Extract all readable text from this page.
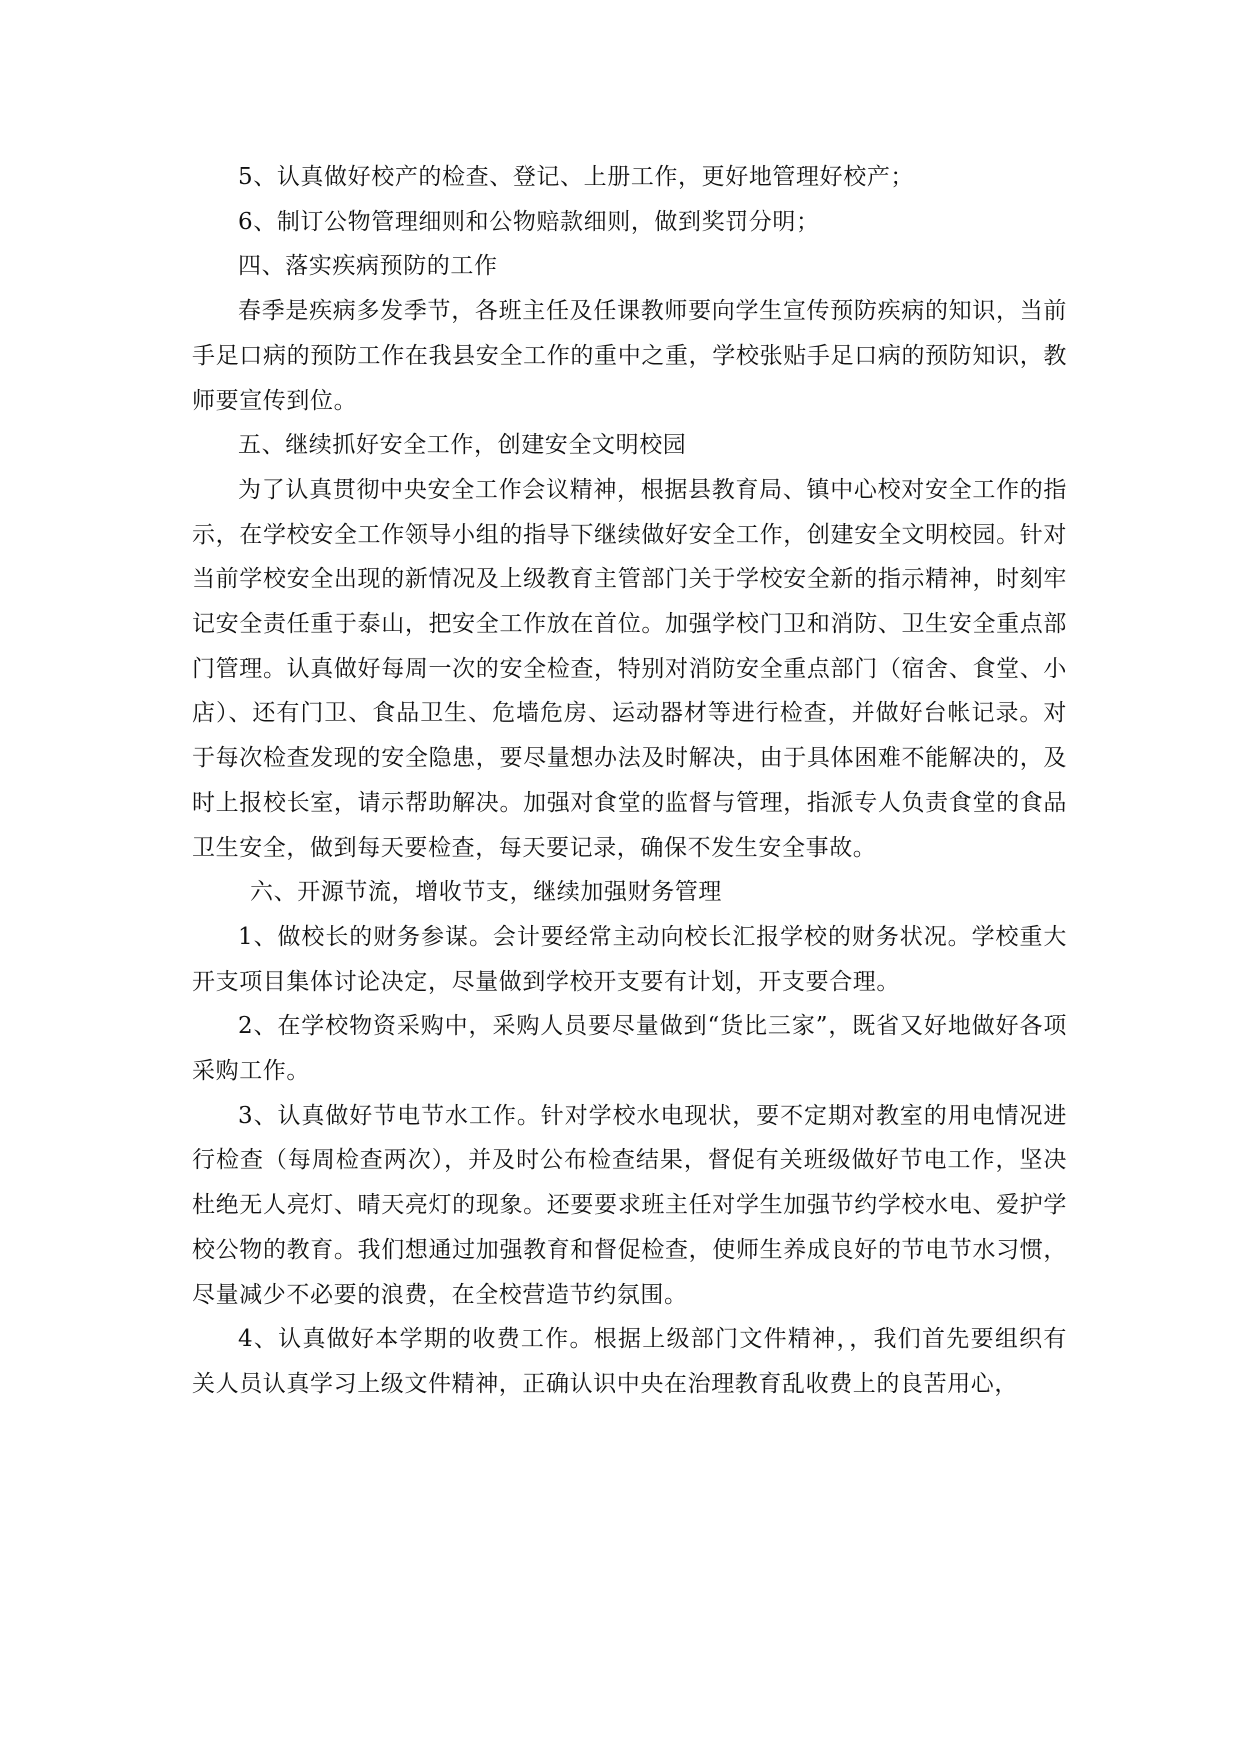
5、认真做好校产的检查、登记、上册工作，更好地管理好校产；

6、制订公物管理细则和公物赔款细则，做到奖罚分明；

四、落实疾病预防的工作

春季是疾病多发季节，各班主任及任课教师要向学生宣传预防疾病的知识，当前手足口病的预防工作在我县安全工作的重中之重，学校张贴手足口病的预防知识，教师要宣传到位。

五、继续抓好安全工作，创建安全文明校园

为了认真贯彻中央安全工作会议精神，根据县教育局、镇中心校对安全工作的指示，在学校安全工作领导小组的指导下继续做好安全工作，创建安全文明校园。针对当前学校安全出现的新情况及上级教育主管部门关于学校安全新的指示精神，时刻牢记安全责任重于泰山，把安全工作放在首位。加强学校门卫和消防、卫生安全重点部门管理。认真做好每周一次的安全检查，特别对消防安全重点部门（宿舍、食堂、小店）、还有门卫、食品卫生、危墙危房、运动器材等进行检查，并做好台帐记录。对于每次检查发现的安全隐患，要尽量想办法及时解决，由于具体困难不能解决的，及时上报校长室，请示帮助解决。加强对食堂的监督与管理，指派专人负责食堂的食品卫生安全，做到每天要检查，每天要记录，确保不发生安全事故。

六、开源节流，增收节支，继续加强财务管理

1、做校长的财务参谋。会计要经常主动向校长汇报学校的财务状况。学校重大开支项目集体讨论决定，尽量做到学校开支要有计划，开支要合理。

2、在学校物资采购中，采购人员要尽量做到“货比三家”，既省又好地做好各项采购工作。

3、认真做好节电节水工作。针对学校水电现状，要不定期对教室的用电情况进行检查（每周检查两次），并及时公布检查结果，督促有关班级做好节电工作，坚决杜绝无人亮灯、晴天亮灯的现象。还要要求班主任对学生加强节约学校水电、爱护学校公物的教育。我们想通过加强教育和督促检查，使师生养成良好的节电节水习惯，尽量减少不必要的浪费，在全校营造节约氛围。

4、认真做好本学期的收费工作。根据上级部门文件精神，，我们首先要组织有关人员认真学习上级文件精神，正确认识中央在治理教育乱收费上的良苦用心，
